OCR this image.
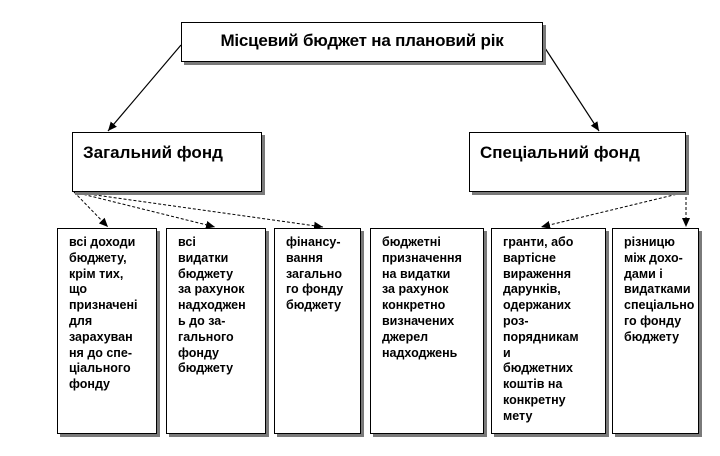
Місцевий бюджет на плановий рік
Загальний фонд	Спеціальний фонд
всі доходи
бюджету,
крім тих,
що
призначені
для
зарахуван
ня до спе-
ціального
фонду
всі
видатки
бюджету
за рахунок
надходжен
ь до за-
гального
фонду
бюджету
фінансу-
вання
загально
го фонду
бюджету
бюджетні
призначення
на видатки
за рахунок
конкретно
визначених
джерел
надходжень
гранти, або
вартісне
вираження
дарунків,
одержаних
роз-
порядникам
и
бюджетних
коштів на
конкретну
мету
різницю
між дохо-
дами і
видатками
спеціально
го фонду
бюджету
